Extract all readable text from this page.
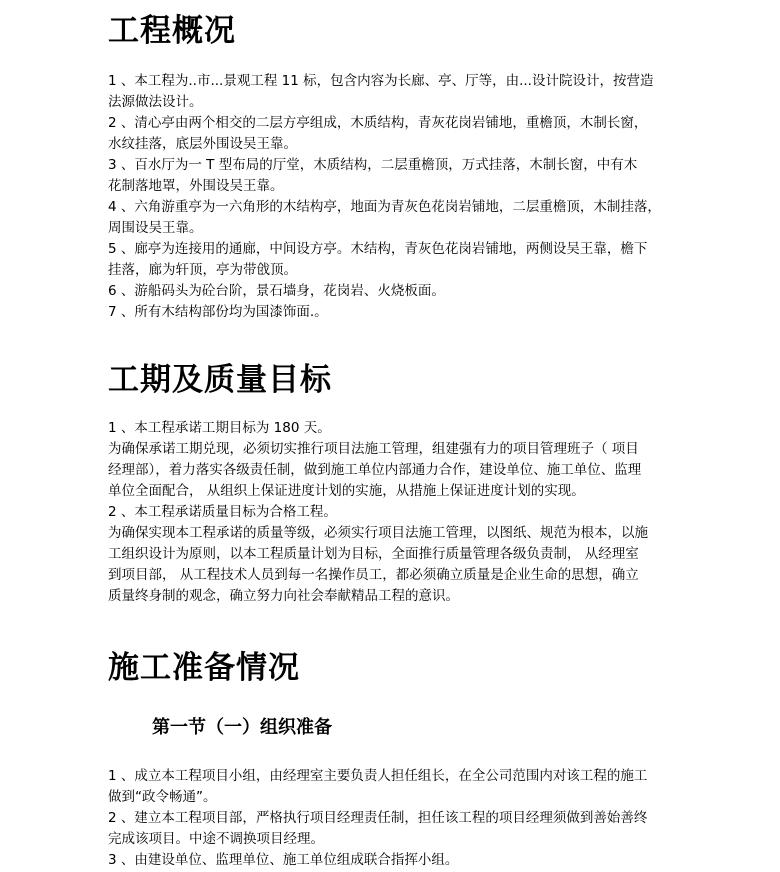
工程概况

1 、本工程为..市...景观工程 11 标，包含内容为长廊、亭、厅等，由...设计院设计，按营造

法源做法设计。

2 、清心亭由两个相交的二层方亭组成，木质结构，青灰花岗岩铺地，重檐顶，木制长窗，

水纹挂落，底层外围设吴王靠。

3 、百水厅为一 T 型布局的厅堂，木质结构，二层重檐顶，万式挂落，木制长窗，中有木

花制落地罩，外围设吴王靠。

4 、六角游重亭为一六角形的木结构亭，地面为青灰色花岗岩铺地，二层重檐顶，木制挂落，

周围设吴王靠。

5 、廊亭为连接用的通廊，中间设方亭。木结构，青灰色花岗岩铺地，两侧设吴王靠，檐下

挂落，廊为轩顶，亭为带戗顶。

6 、游船码头为砼台阶，景石墙身，花岗岩、火烧板面。

7 、所有木结构部份均为国漆饰面.。

工期及质量目标

1 、本工程承诺工期目标为 180 天。

为确保承诺工期兑现，必须切实推行项目法施工管理，组建强有力的项目管理班子（ 项目

经理部），着力落实各级责任制，做到施工单位内部通力合作，建设单位、施工单位、监理

单位全面配合， 从组织上保证进度计划的实施，从措施上保证进度计划的实现。

2 、本工程承诺质量目标为合格工程。

为确保实现本工程承诺的质量等级，必须实行项目法施工管理，以图纸、规范为根本，以施

工组织设计为原则，以本工程质量计划为目标，全面推行质量管理各级负责制， 从经理室

到项目部， 从工程技术人员到每一名操作员工，都必须确立质量是企业生命的思想，确立

质量终身制的观念，确立努力向社会奉献精品工程的意识。

施工准备情况
第一节（一）组织准备

1 、成立本工程项目小组，由经理室主要负责人担任组长，在全公司范围内对该工程的施工

做到“政令畅通”。

2 、建立本工程项目部，严格执行项目经理责任制，担任该工程的项目经理须做到善始善终

完成该项目。中途不调换项目经理。

3 、由建设单位、监理单位、施工单位组成联合指挥小组。
